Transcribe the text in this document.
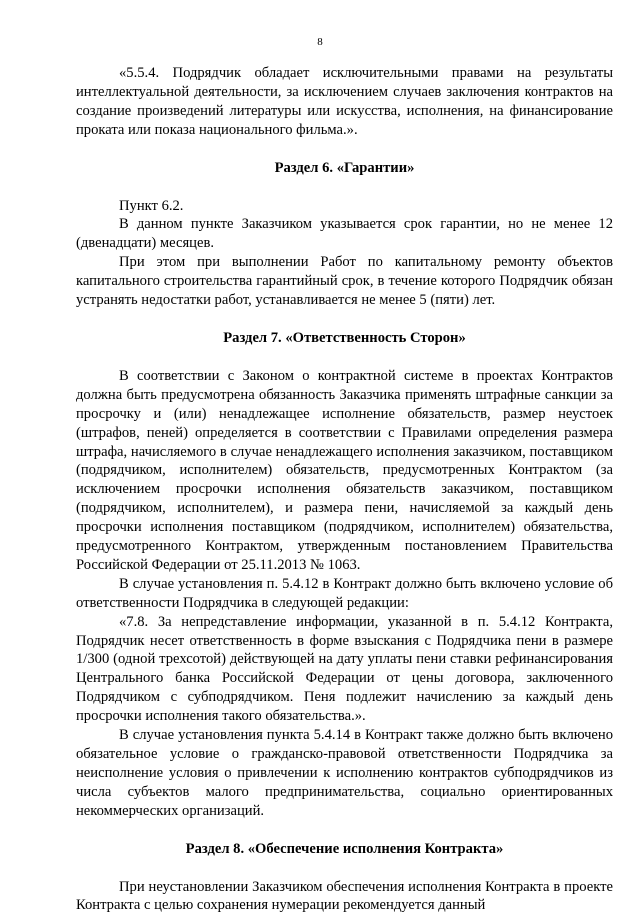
8

«5.5.4. Подрядчик обладает исключительными правами на результаты интеллектуальной деятельности, за исключением случаев заключения контрактов на создание произведений литературы или искусства, исполнения, на финансирование проката или показа национального фильма.».

Раздел 6. «Гарантии»

Пункт 6.2.

В данном пункте Заказчиком указывается срок гарантии, но не менее 12 (двенадцати) месяцев.

При этом при выполнении Работ по капитальному ремонту объектов капитального строительства гарантийный срок, в течение которого Подрядчик обязан устранять недостатки работ, устанавливается не менее 5 (пяти) лет.

Раздел 7. «Ответственность Сторон»

В соответствии с Законом о контрактной системе в проектах Контрактов должна быть предусмотрена обязанность Заказчика применять штрафные санкции за просрочку и (или) ненадлежащее исполнение обязательств, размер неустоек (штрафов, пеней) определяется в соответствии с Правилами определения размера штрафа, начисляемого в случае ненадлежащего исполнения заказчиком, поставщиком (подрядчиком, исполнителем) обязательств, предусмотренных Контрактом (за исключением просрочки исполнения обязательств заказчиком, поставщиком (подрядчиком, исполнителем), и размера пени, начисляемой за каждый день просрочки исполнения поставщиком (подрядчиком, исполнителем) обязательства, предусмотренного Контрактом, утвержденным постановлением Правительства Российской Федерации от 25.11.2013 № 1063.

В случае установления п. 5.4.12 в Контракт должно быть включено условие об ответственности Подрядчика в следующей редакции:

«7.8. За непредставление информации, указанной в п. 5.4.12 Контракта, Подрядчик несет ответственность в форме взыскания с Подрядчика пени в размере 1/300 (одной трехсотой) действующей на дату уплаты пени ставки рефинансирования Центрального банка Российской Федерации от цены договора, заключенного Подрядчиком с субподрядчиком. Пеня подлежит начислению за каждый день просрочки исполнения такого обязательства.».

В случае установления пункта 5.4.14 в Контракт также должно быть включено обязательное условие о гражданско-правовой ответственности Подрядчика за неисполнение условия о привлечении к исполнению контрактов субподрядчиков из числа субъектов малого предпринимательства, социально ориентированных некоммерческих организаций.

Раздел 8. «Обеспечение исполнения Контракта»

При неустановлении Заказчиком обеспечения исполнения Контракта в проекте Контракта с целью сохранения нумерации рекомендуется данный
